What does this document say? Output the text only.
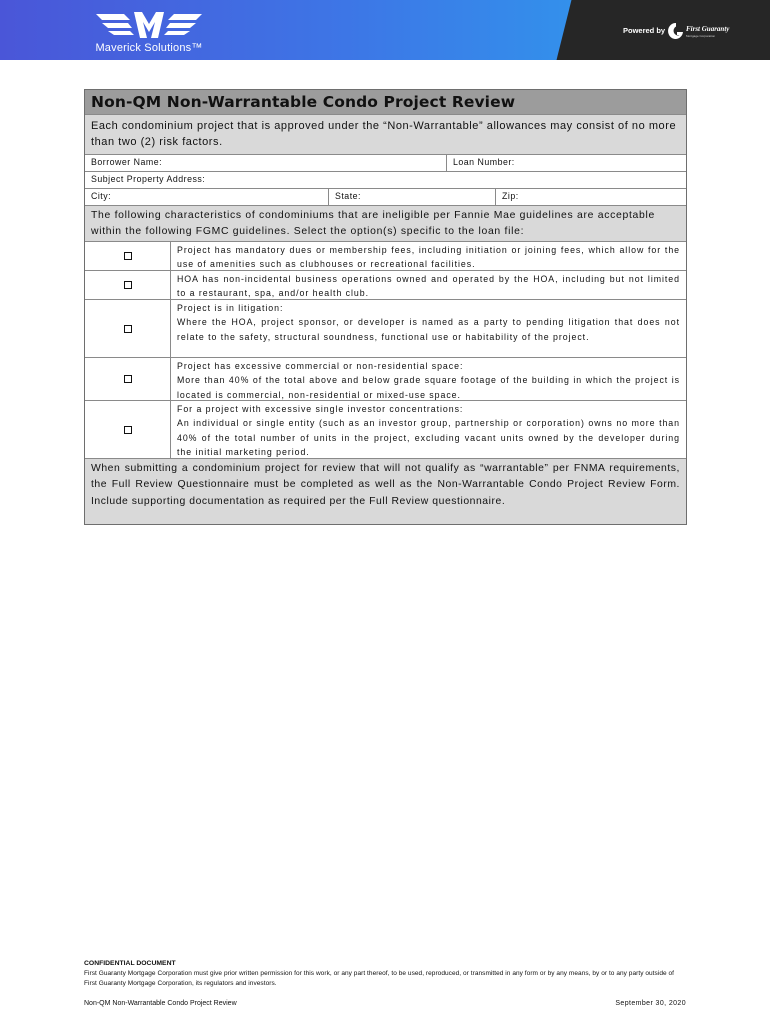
Maverick Solutions™
Powered by	First Guaranty
Mortgage Corporation
Non-QM Non-Warrantable Condo Project Review
Each condominium project that is approved under the “Non-Warrantable” allowances may consist of no more than two (2) risk factors.
Borrower Name:	Loan Number:
Subject Property Address:
City:	State:	Zip:
The following characteristics of condominiums that are ineligible per Fannie Mae guidelines are acceptable within the following FGMC guidelines. Select the option(s) specific to the loan file:
Project has mandatory dues or membership fees, including initiation or joining fees, which allow for the use of amenities such as clubhouses or recreational facilities.
HOA has non-incidental business operations owned and operated by the HOA, including but not limited to a restaurant, spa, and/or health club.
Project is in litigation:
Where the HOA, project sponsor, or developer is named as a party to pending litigation that does not relate to the safety, structural soundness, functional use or habitability of the project.
Project has excessive commercial or non-residential space:
More than 40% of the total above and below grade square footage of the building in which the project is located is commercial, non-residential or mixed-use space.
For a project with excessive single investor concentrations:
An individual or single entity (such as an investor group, partnership or corporation) owns no more than 40% of the total number of units in the project, excluding vacant units owned by the developer during the initial marketing period.
When submitting a condominium project for review that will not qualify as “warrantable” per FNMA requirements, the Full Review Questionnaire must be completed as well as the Non-Warrantable Condo Project Review Form. Include supporting documentation as required per the Full Review questionnaire.
CONFIDENTIAL DOCUMENT
First Guaranty Mortgage Corporation must give prior written permission for this work, or any part thereof, to be used, reproduced, or transmitted in any form or by any means, by or to any party outside of First Guaranty Mortgage Corporation, its regulators and investors.
Non-QM Non-Warrantable Condo Project Review	September 30, 2020
